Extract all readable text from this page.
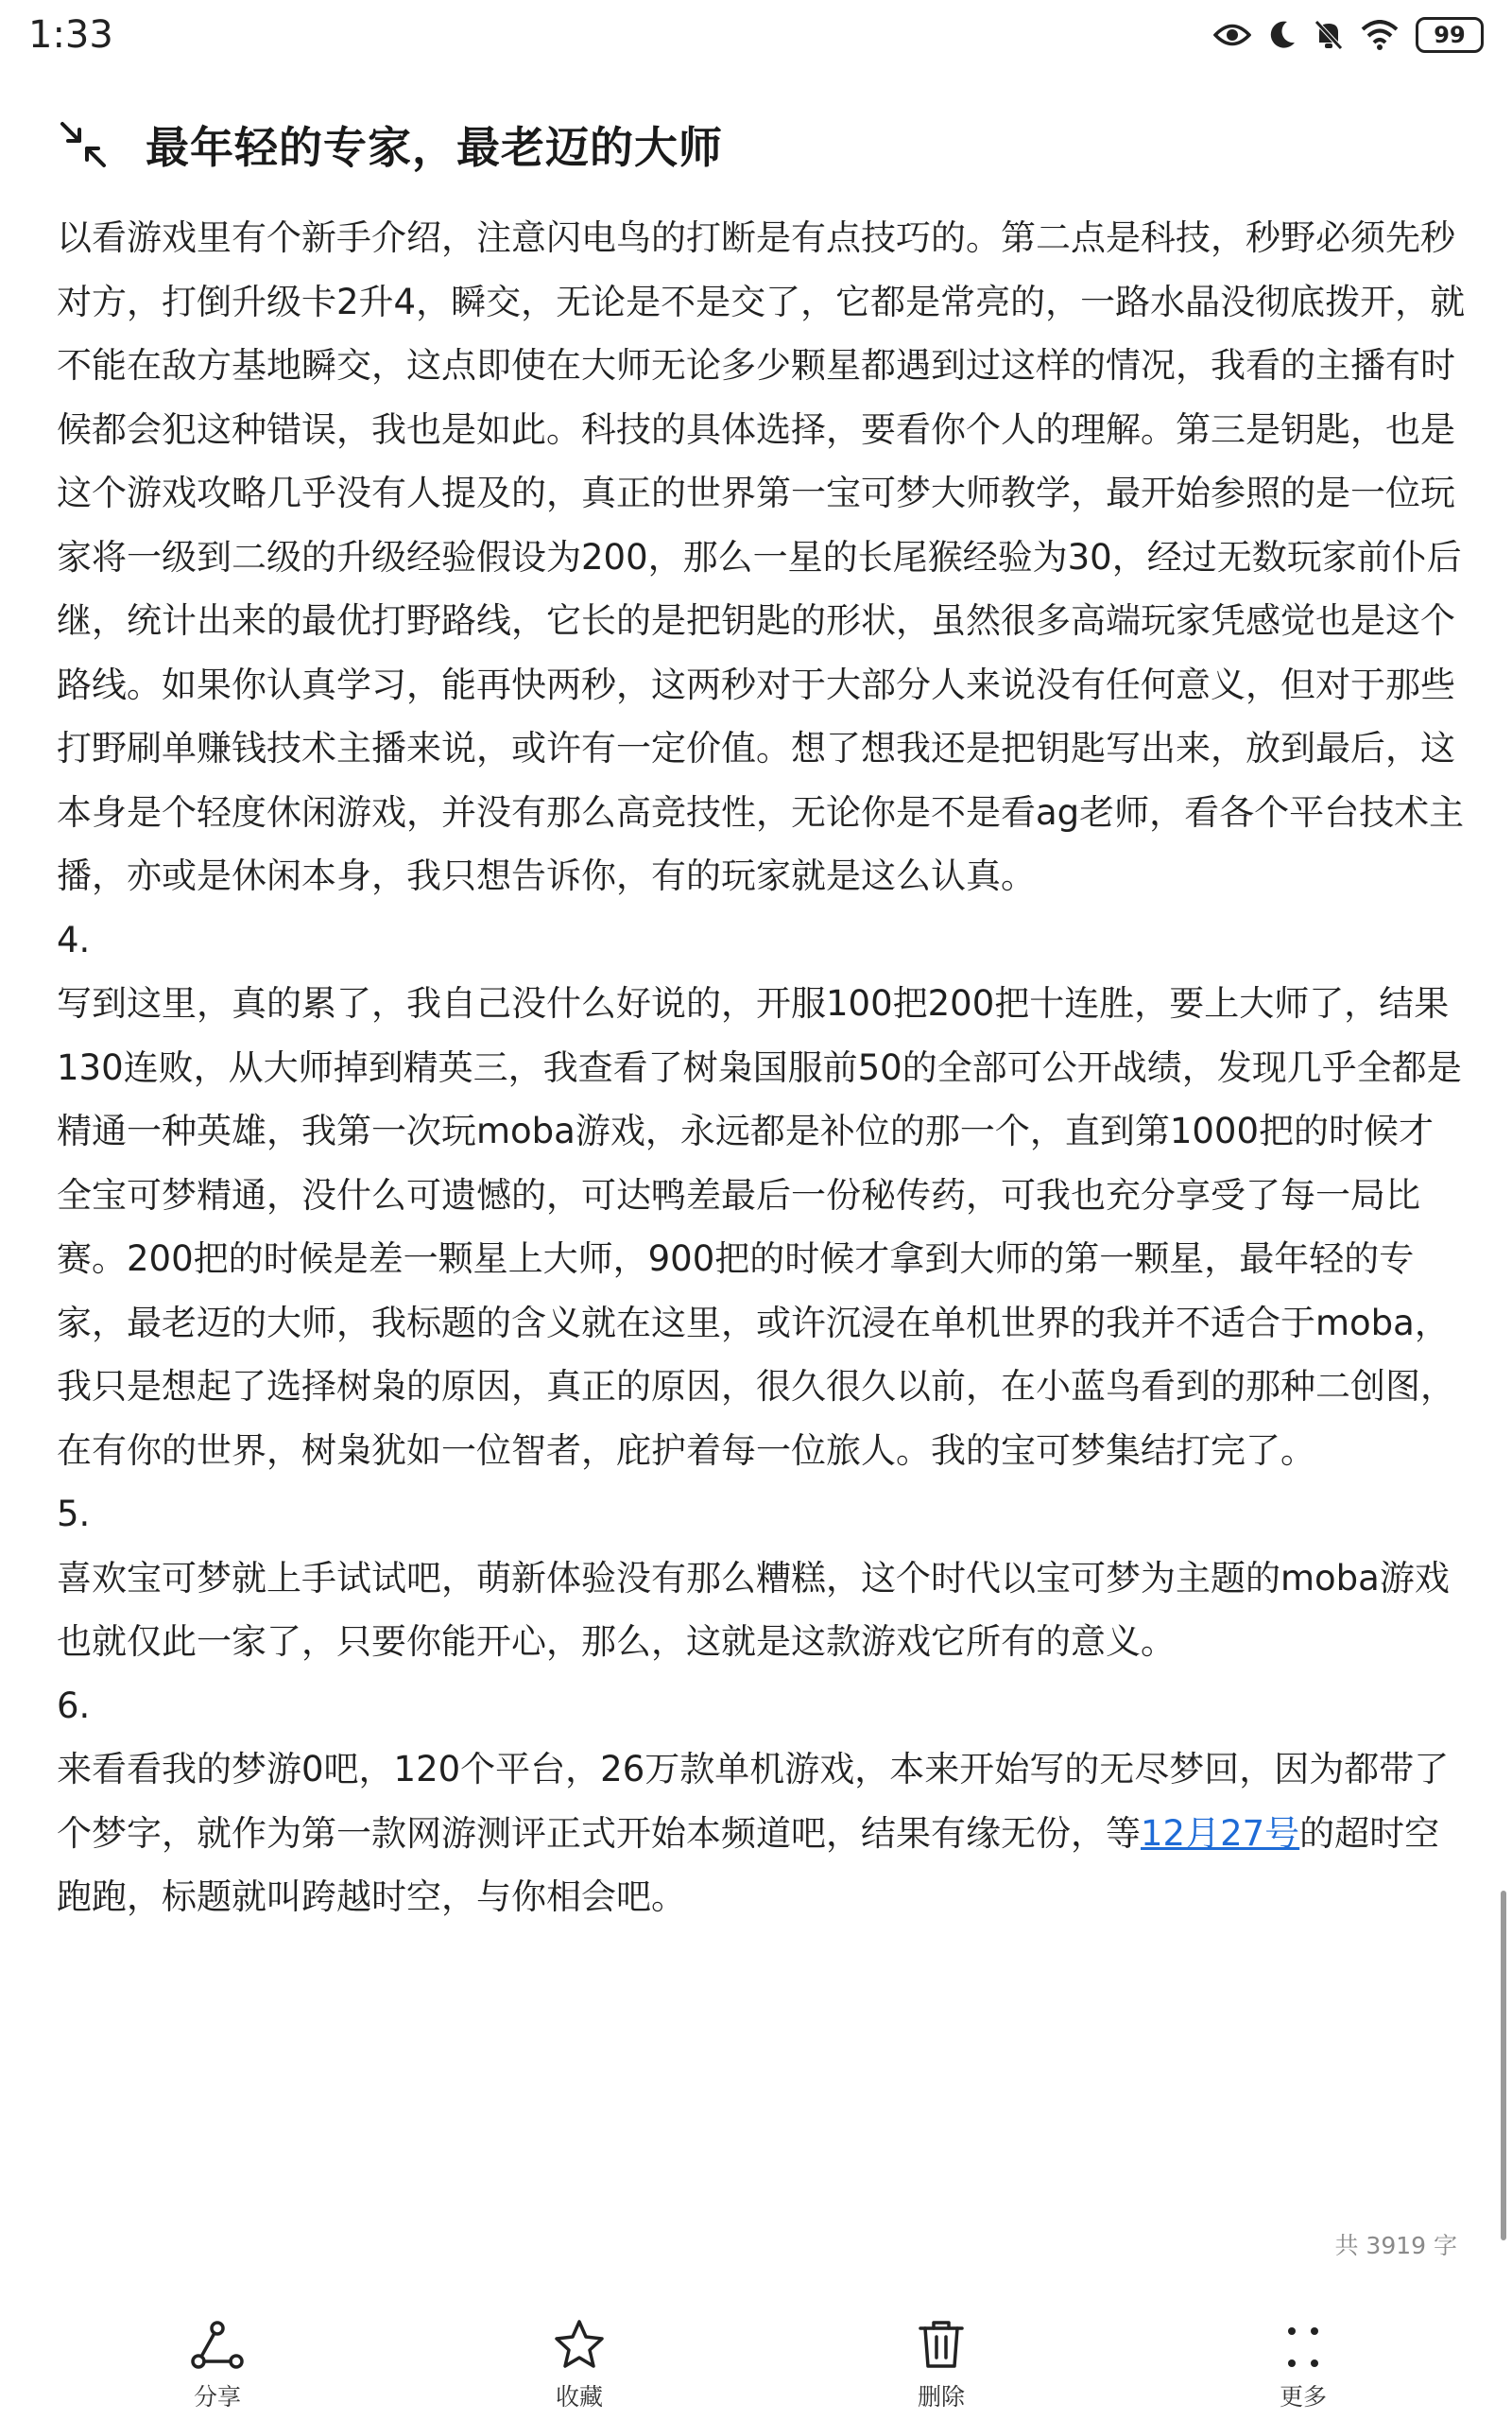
1:33	99
最年轻的专家，最老迈的大师

以看游戏里有个新手介绍，注意闪电鸟的打断是有点技巧的。第二点是科技，秒野必须先秒对方，打倒升级卡2升4，瞬交，无论是不是交了，它都是常亮的，一路水晶没彻底拨开，就不能在敌方基地瞬交，这点即使在大师无论多少颗星都遇到过这样的情况，我看的主播有时候都会犯这种错误，我也是如此。科技的具体选择，要看你个人的理解。第三是钥匙，也是这个游戏攻略几乎没有人提及的，真正的世界第一宝可梦大师教学，最开始参照的是一位玩家将一级到二级的升级经验假设为200，那么一星的长尾猴经验为30，经过无数玩家前仆后继，统计出来的最优打野路线，它长的是把钥匙的形状，虽然很多高端玩家凭感觉也是这个路线。如果你认真学习，能再快两秒，这两秒对于大部分人来说没有任何意义，但对于那些打野刷单赚钱技术主播来说，或许有一定价值。想了想我还是把钥匙写出来，放到最后，这本身是个轻度休闲游戏，并没有那么高竞技性，无论你是不是看ag老师，看各个平台技术主播，亦或是休闲本身，我只想告诉你，有的玩家就是这么认真。

4.

写到这里，真的累了，我自己没什么好说的，开服100把200把十连胜，要上大师了，结果130连败，从大师掉到精英三，我查看了树枭国服前50的全部可公开战绩，发现几乎全都是精通一种英雄，我第一次玩moba游戏，永远都是补位的那一个，直到第1000把的时候才全宝可梦精通，没什么可遗憾的，可达鸭差最后一份秘传药，可我也充分享受了每一局比赛。200把的时候是差一颗星上大师，900把的时候才拿到大师的第一颗星，最年轻的专家，最老迈的大师，我标题的含义就在这里，或许沉浸在单机世界的我并不适合于moba，我只是想起了选择树枭的原因，真正的原因，很久很久以前，在小蓝鸟看到的那种二创图，在有你的世界，树枭犹如一位智者，庇护着每一位旅人。我的宝可梦集结打完了。

5.

喜欢宝可梦就上手试试吧，萌新体验没有那么糟糕，这个时代以宝可梦为主题的moba游戏也就仅此一家了，只要你能开心，那么，这就是这款游戏它所有的意义。

6.

来看看我的梦游0吧，120个平台，26万款单机游戏，本来开始写的无尽梦回，因为都带了个梦字，就作为第一款网游测评正式开始本频道吧，结果有缘无份，等12月27号的超时空跑跑，标题就叫跨越时空，与你相会吧。

共 3919 字
分享	收藏	删除	更多
